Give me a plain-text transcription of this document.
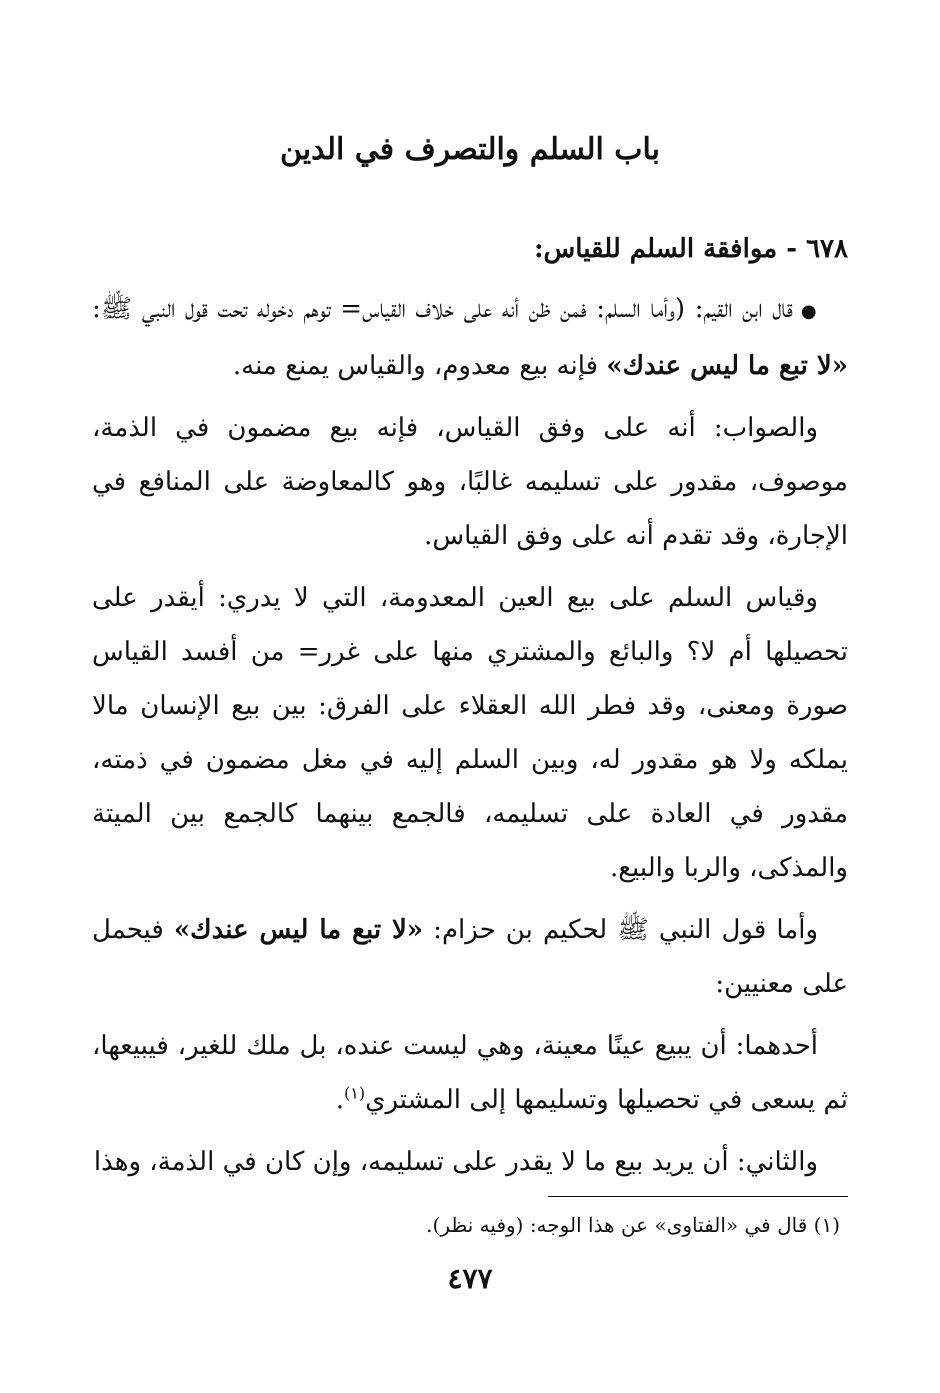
باب السلم والتصرف في الدين

٦٧٨ - موافقة السلم للقياس:

●قال ابن القيم: (وأما السلم: فمن ظن أنه على خلاف القياس= توهم دخوله تحت قول النبي ﷺ: «لا تبع ما ليس عندك» فإنه بيع معدوم، والقياس يمنع منه.

والصواب: أنه على وفق القياس، فإنه بيع مضمون في الذمة، موصوف، مقدور على تسليمه غالبًا، وهو كالمعاوضة على المنافع في الإجارة، وقد تقدم أنه على وفق القياس.

وقياس السلم على بيع العين المعدومة، التي لا يدري: أيقدر على تحصيلها أم لا؟ والبائع والمشتري منها على غرر= من أفسد القياس صورة ومعنى، وقد فطر الله العقلاء على الفرق: بين بيع الإنسان مالا يملكه ولا هو مقدور له، وبين السلم إليه في مغل مضمون في ذمته، مقدور في العادة على تسليمه، فالجمع بينهما كالجمع بين الميتة والمذكى، والربا والبيع.

وأما قول النبي ﷺ لحكيم بن حزام: «لا تبع ما ليس عندك» فيحمل على معنيين:

أحدهما: أن يبيع عينًا معينة، وهي ليست عنده، بل ملك للغير، فيبيعها، ثم يسعى في تحصيلها وتسليمها إلى المشتري$^{(١)}$.

والثاني: أن يريد بيع ما لا يقدر على تسليمه، وإن كان في الذمة، وهذا

(١) قال في «الفتاوى» عن هذا الوجه: (وفيه نظر).
٤٧٧
